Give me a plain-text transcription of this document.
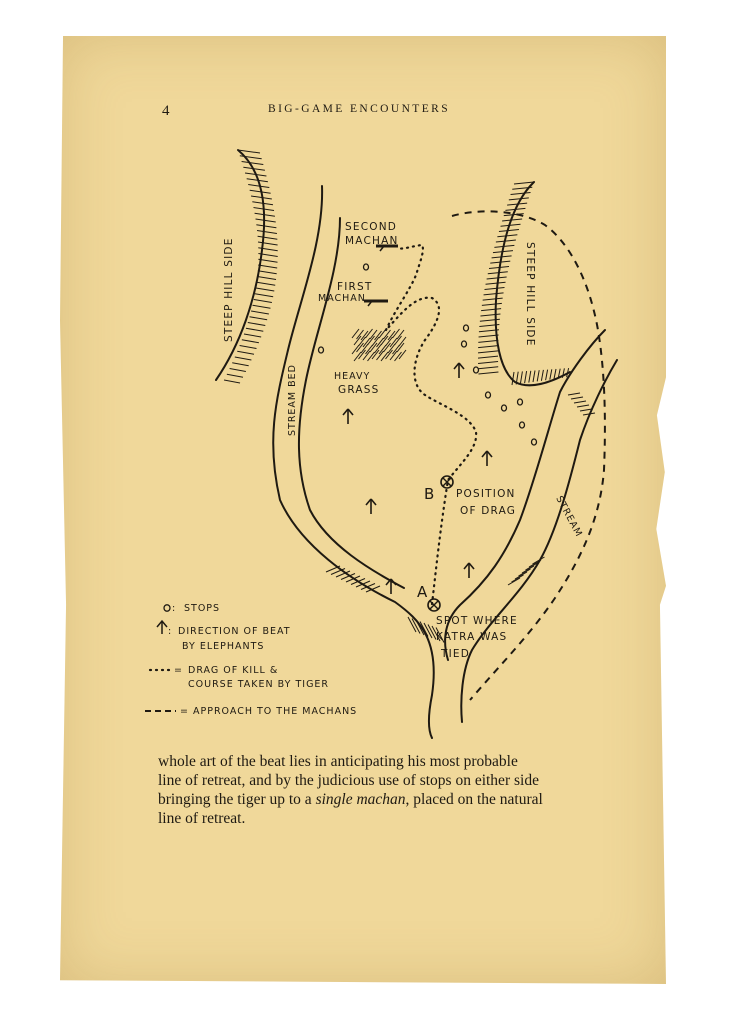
4	BIG-GAME ENCOUNTERS
STEEP HILL SIDE	STEEP HILL SIDE
STREAM BED
STREAM
SECOND
MACHAN
FIRST
MACHAN
HEAVY
GRASS
B POSITION
OF DRAG
A
SPOT WHERE
KATRA WAS
TIED
: STOPS
: DIRECTION OF BEAT
BY ELEPHANTS
= DRAG OF KILL &
COURSE TAKEN BY TIGER
= APPROACH TO THE MACHANS

whole art of the beat lies in anticipating his most probable

line of retreat, and by the judicious use of stops on either side

bringing the tiger up to a single machan, placed on the natural

line of retreat.
